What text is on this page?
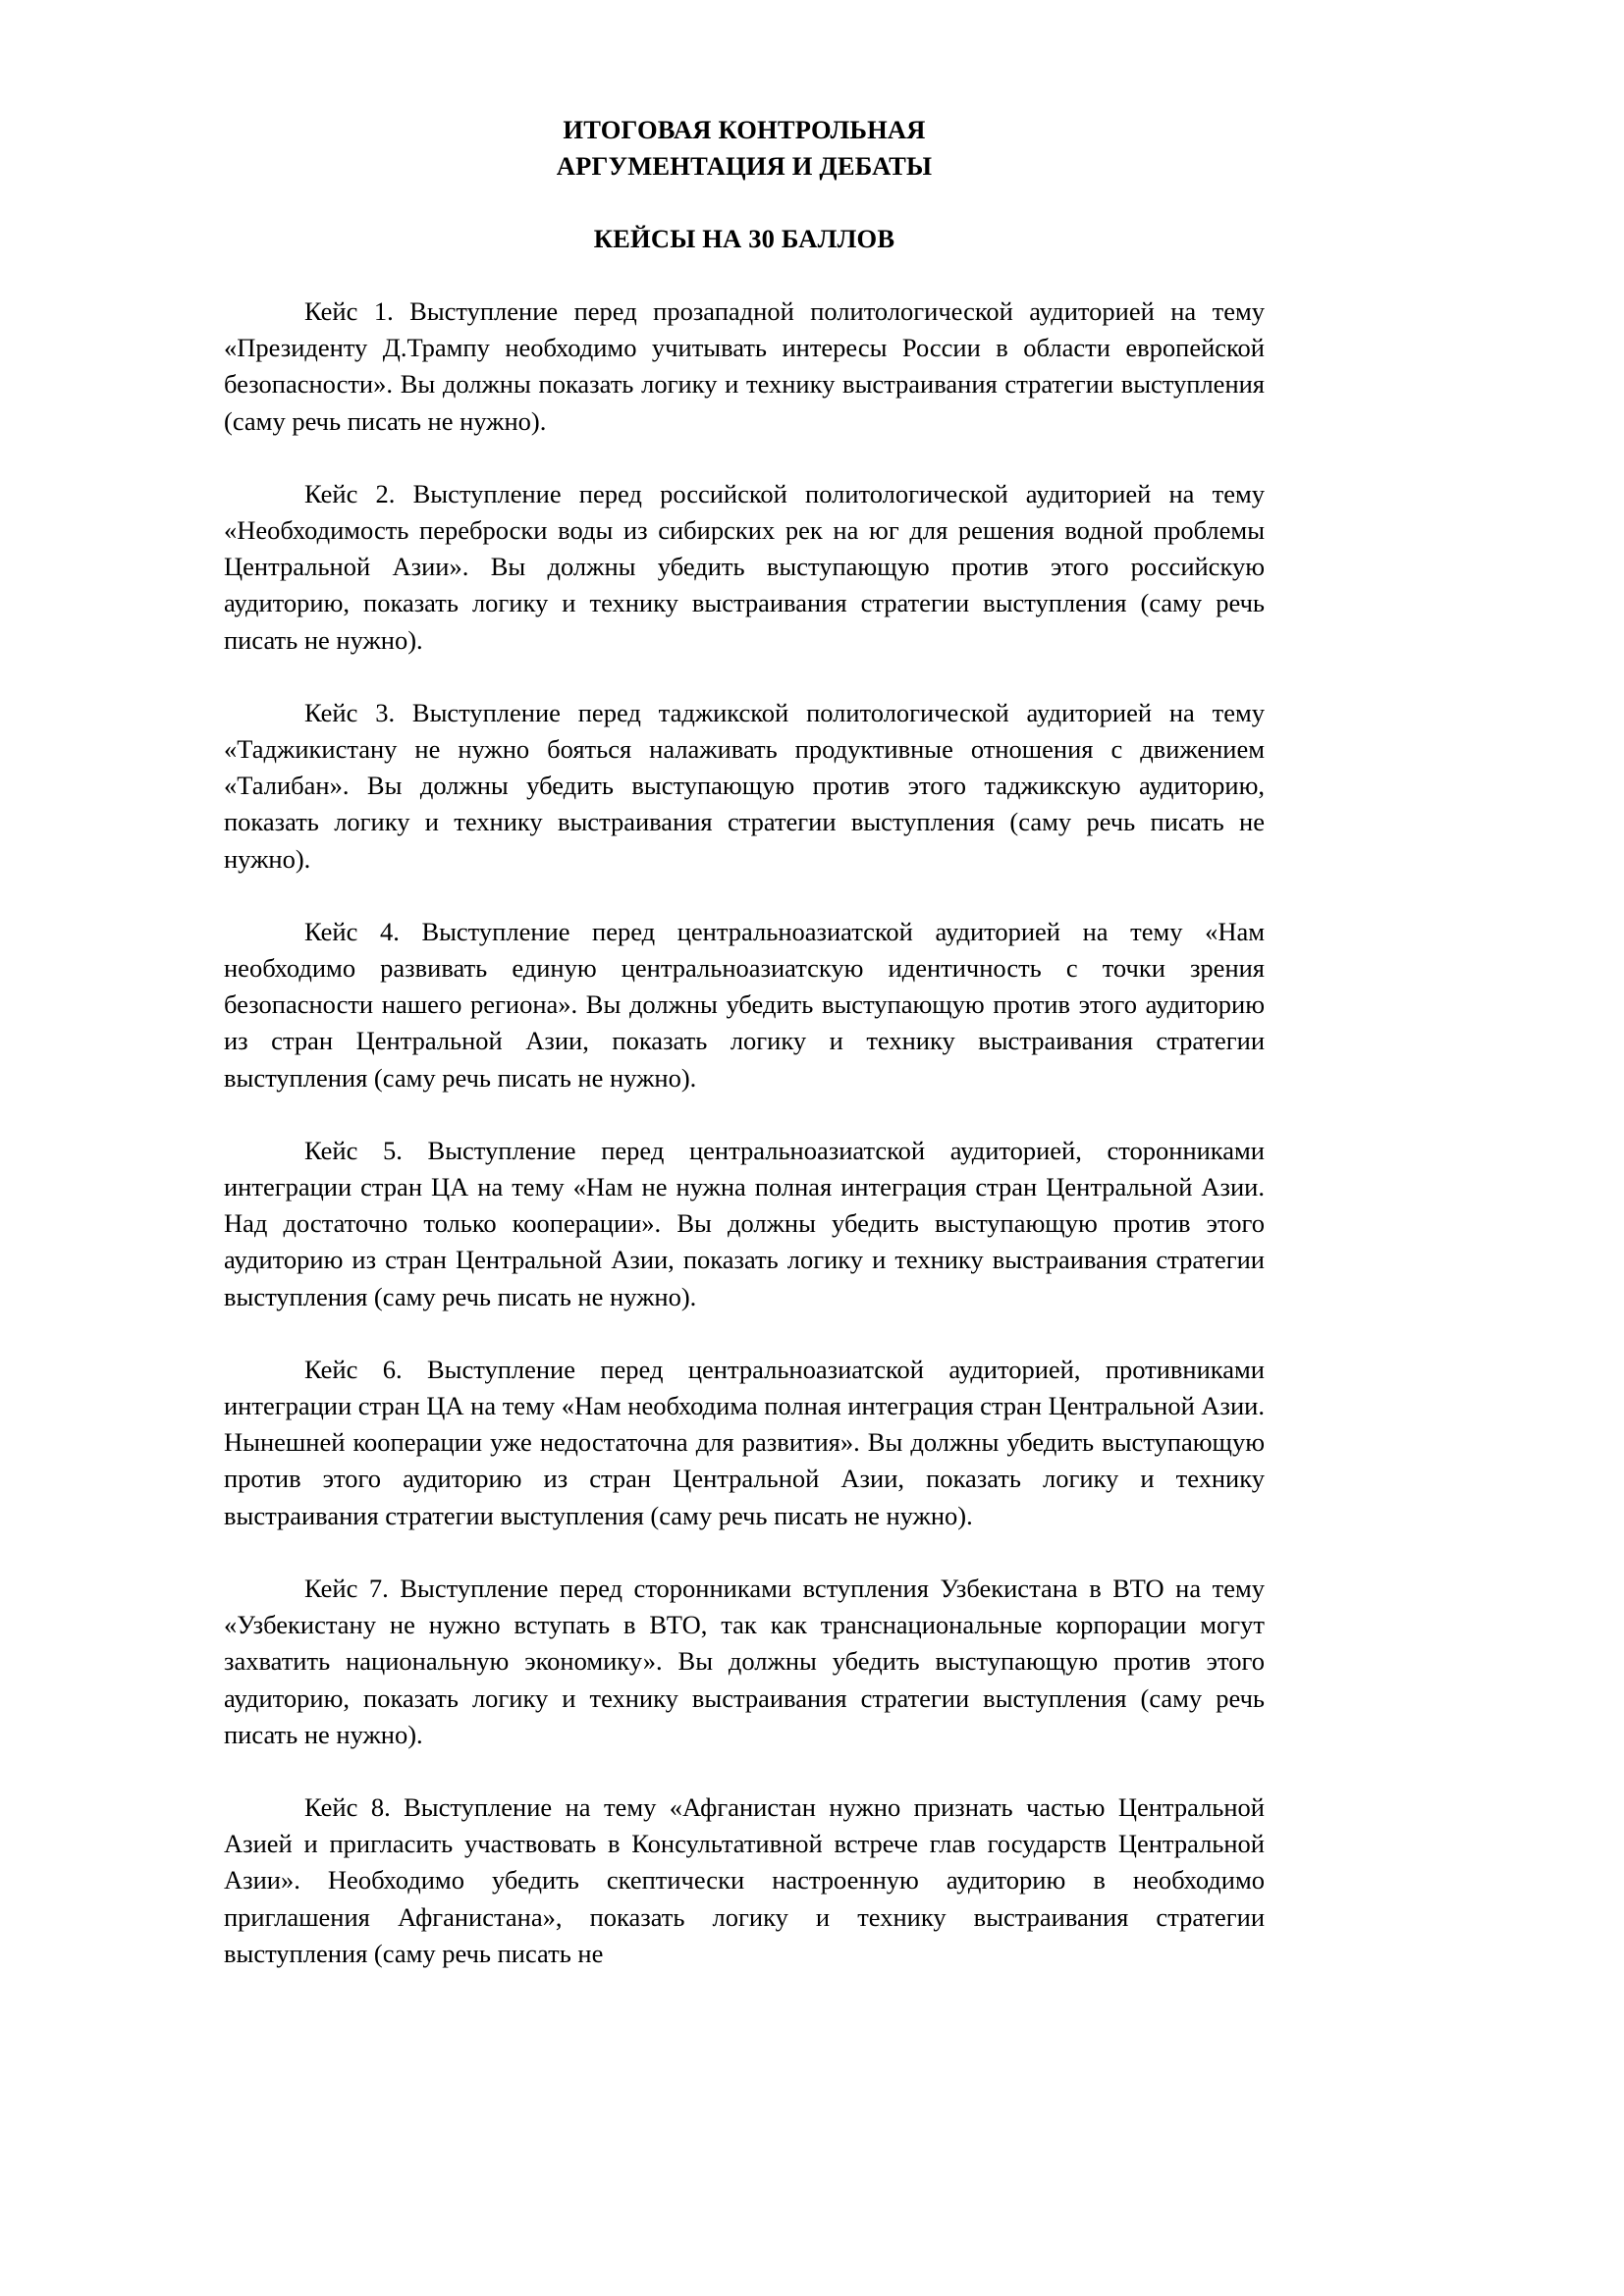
ИТОГОВАЯ КОНТРОЛЬНАЯ
АРГУМЕНТАЦИЯ И ДЕБАТЫ
КЕЙСЫ НА 30 БАЛЛОВ

Кейс 1. Выступление перед прозападной политологической аудиторией на тему «Президенту Д.Трампу необходимо учитывать интересы России в области европейской безопасности». Вы должны показать логику и технику выстраивания стратегии выступления (саму речь писать не нужно).

Кейс 2. Выступление перед российской политологической аудиторией на тему «Необходимость переброски воды из сибирских рек на юг для решения водной проблемы Центральной Азии». Вы должны убедить выступающую против этого российскую аудиторию, показать логику и технику выстраивания стратегии выступления (саму речь писать не нужно).

Кейс 3. Выступление перед таджикской политологической аудиторией на тему «Таджикистану не нужно бояться налаживать продуктивные отношения с движением «Талибан». Вы должны убедить выступающую против этого таджикскую аудиторию, показать логику и технику выстраивания стратегии выступления (саму речь писать не нужно).

Кейс 4. Выступление перед центральноазиатской аудиторией на тему «Нам необходимо развивать единую центральноазиатскую идентичность с точки зрения безопасности нашего региона». Вы должны убедить выступающую против этого аудиторию из стран Центральной Азии, показать логику и технику выстраивания стратегии выступления (саму речь писать не нужно).

Кейс 5. Выступление перед центральноазиатской аудиторией, сторонниками интеграции стран ЦА на тему «Нам не нужна полная интеграция стран Центральной Азии. Над достаточно только кооперации». Вы должны убедить выступающую против этого аудиторию из стран Центральной Азии, показать логику и технику выстраивания стратегии выступления (саму речь писать не нужно).

Кейс 6. Выступление перед центральноазиатской аудиторией, противниками интеграции стран ЦА на тему «Нам необходима полная интеграция стран Центральной Азии. Нынешней кооперации уже недостаточна для развития». Вы должны убедить выступающую против этого аудиторию из стран Центральной Азии, показать логику и технику выстраивания стратегии выступления (саму речь писать не нужно).

Кейс 7. Выступление перед сторонниками вступления Узбекистана в ВТО на тему «Узбекистану не нужно вступать в ВТО, так как транснациональные корпорации могут захватить национальную экономику». Вы должны убедить выступающую против этого аудиторию, показать логику и технику выстраивания стратегии выступления (саму речь писать не нужно).

Кейс 8. Выступление на тему «Афганистан нужно признать частью Центральной Азией и пригласить участвовать в Консультативной встрече глав государств Центральной Азии». Необходимо убедить скептически настроенную аудиторию в необходимо приглашения Афганистана», показать логику и технику выстраивания стратегии выступления (саму речь писать не
